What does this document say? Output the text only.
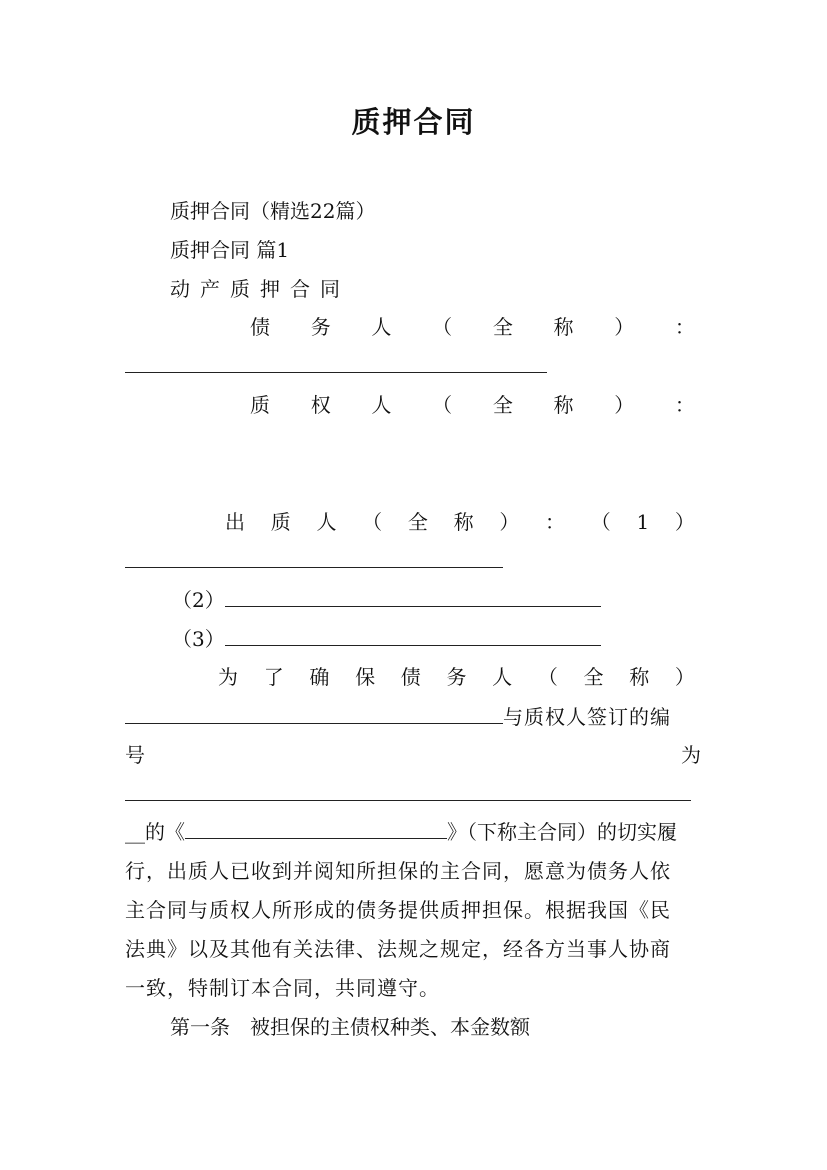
质押合同
质押合同（精选22篇）
质押合同 篇1
动产质押合同
债 务 人 （ 全 称 ） ：
质 权 人 （ 全 称 ） ：
出 质 人 （ 全 称 ） ： （ 1 ）
（2）
（3）
为 了 确 保 债 务 人 （ 全 称 ）
与质权人签订的编
号	为
__的《	》（下称主合同）的切实履
行，出质人已收到并阅知所担保的主合同，愿意为债务人依
主合同与质权人所形成的债务提供质押担保。根据我国《民
法典》以及其他有关法律、法规之规定，经各方当事人协商
一致，特制订本合同，共同遵守。
第一条　被担保的主债权种类、本金数额
